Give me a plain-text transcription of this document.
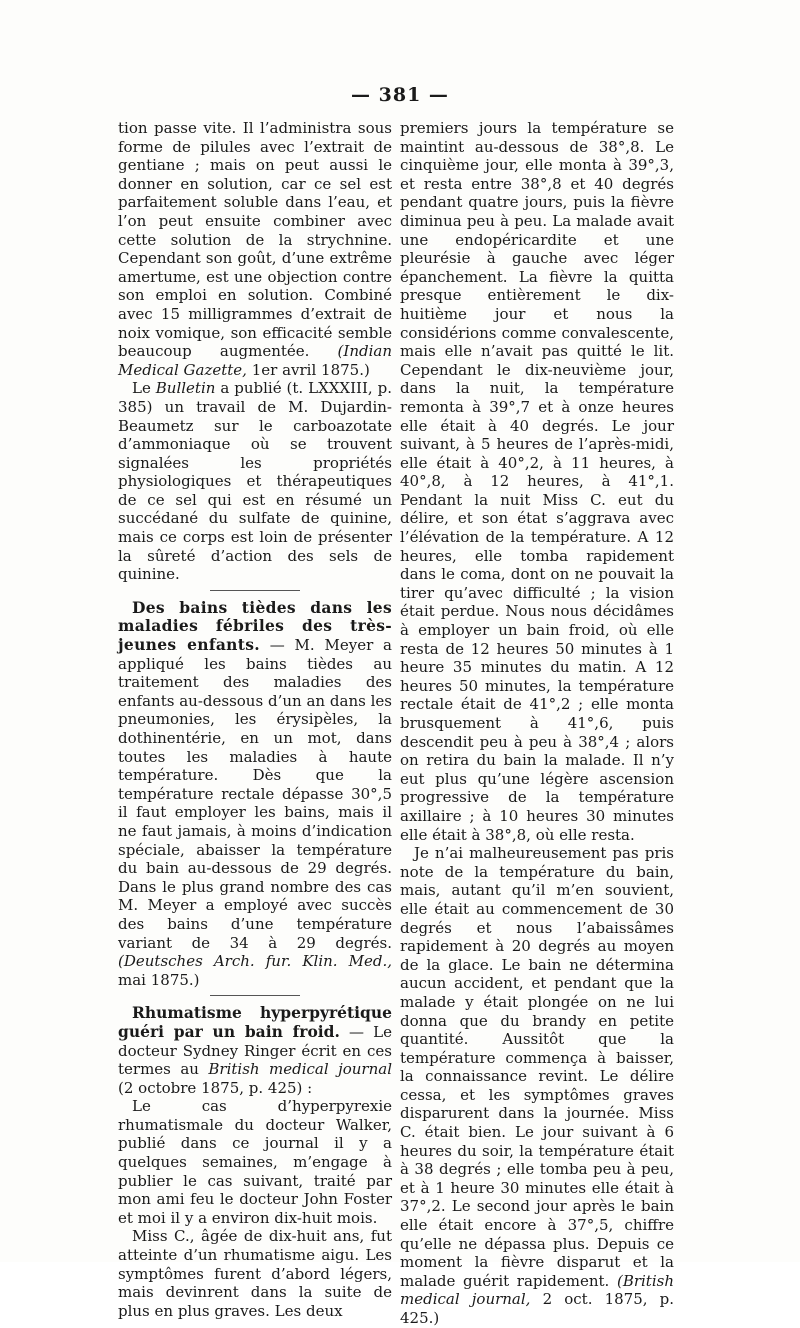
— 381 —

tion passe vite. Il l’administra sous forme de pilules avec l’extrait de gentiane ; mais on peut aussi le donner en solution, car ce sel est parfaitement soluble dans l’eau, et l’on peut ensuite combiner avec cette solution de la strychnine. Cependant son goût, d’une extrême amertume, est une objection contre son emploi en solution. Combiné avec 15 milligrammes d’extrait de noix vomique, son efficacité semble beaucoup augmentée. (Indian Medical Gazette, 1er avril 1875.)

Le Bulletin a publié (t. LXXXIII, p. 385) un travail de M. Dujardin-Beaumetz sur le carboazotate d’ammoniaque où se trouvent signalées les propriétés physiologiques et thérapeutiques de ce sel qui est en résumé un succédané du sulfate de quinine, mais ce corps est loin de présenter la sûreté d’action des sels de quinine.

Des bains tièdes dans les maladies fébriles des très-jeunes enfants. — M. Meyer a appliqué les bains tièdes au traitement des maladies des enfants au-dessous d’un an dans les pneumonies, les érysipèles, la dothinentérie, en un mot, dans toutes les maladies à haute température. Dès que la température rectale dépasse 30°,5 il faut employer les bains, mais il ne faut jamais, à moins d’indication spéciale, abaisser la température du bain au-dessous de 29 degrés. Dans le plus grand nombre des cas M. Meyer a employé avec succès des bains d’une température variant de 34 à 29 degrés. (Deutsches Arch. fur. Klin. Med., mai 1875.)

Rhumatisme hyperpyrétique guéri par un bain froid. — Le docteur Sydney Ringer écrit en ces termes au British medical journal (2 octobre 1875, p. 425) :

Le cas d’hyperpyrexie rhumatismale du docteur Walker, publié dans ce journal il y a quelques semaines, m’engage à publier le cas suivant, traité par mon ami feu le docteur John Foster et moi il y a environ dix-huit mois.

Miss C., âgée de dix-huit ans, fut atteinte d’un rhumatisme aigu. Les symptômes furent d’abord légers, mais devinrent dans la suite de plus en plus graves. Les deux

premiers jours la température se maintint au-dessous de 38°,8. Le cinquième jour, elle monta à 39°,3, et resta entre 38°,8 et 40 degrés pendant quatre jours, puis la fièvre diminua peu à peu. La malade avait une endopéricardite et une pleurésie à gauche avec léger épanchement. La fièvre la quitta presque entièrement le dix-huitième jour et nous la considérions comme convalescente, mais elle n’avait pas quitté le lit. Cependant le dix-neuvième jour, dans la nuit, la température remonta à 39°,7 et à onze heures elle était à 40 degrés. Le jour suivant, à 5 heures de l’après-midi, elle était à 40°,2, à 11 heures, à 40°,8, à 12 heures, à 41°,1. Pendant la nuit Miss C. eut du délire, et son état s’aggrava avec l’élévation de la température. A 12 heures, elle tomba rapidement dans le coma, dont on ne pouvait la tirer qu’avec difficulté ; la vision était perdue. Nous nous décidâmes à employer un bain froid, où elle resta de 12 heures 50 minutes à 1 heure 35 minutes du matin. A 12 heures 50 minutes, la température rectale était de 41°,2 ; elle monta brusquement à 41°,6, puis descendit peu à peu à 38°,4 ; alors on retira du bain la malade. Il n’y eut plus qu’une légère ascension progressive de la température axillaire ; à 10 heures 30 minutes elle était à 38°,8, où elle resta.

Je n’ai malheureusement pas pris note de la température du bain, mais, autant qu’il m’en souvient, elle était au commencement de 30 degrés et nous l’abaissâmes rapidement à 20 degrés au moyen de la glace. Le bain ne détermina aucun accident, et pendant que la malade y était plongée on ne lui donna que du brandy en petite quantité. Aussitôt que la température commença à baisser, la connaissance revint. Le délire cessa, et les symptômes graves disparurent dans la journée. Miss C. était bien. Le jour suivant à 6 heures du soir, la température était à 38 degrés ; elle tomba peu à peu, et à 1 heure 30 minutes elle était à 37°,2. Le second jour après le bain elle était encore à 37°,5, chiffre qu’elle ne dépassa plus. Depuis ce moment la fièvre disparut et la malade guérit rapidement. (British medical journal, 2 oct. 1875, p. 425.)
